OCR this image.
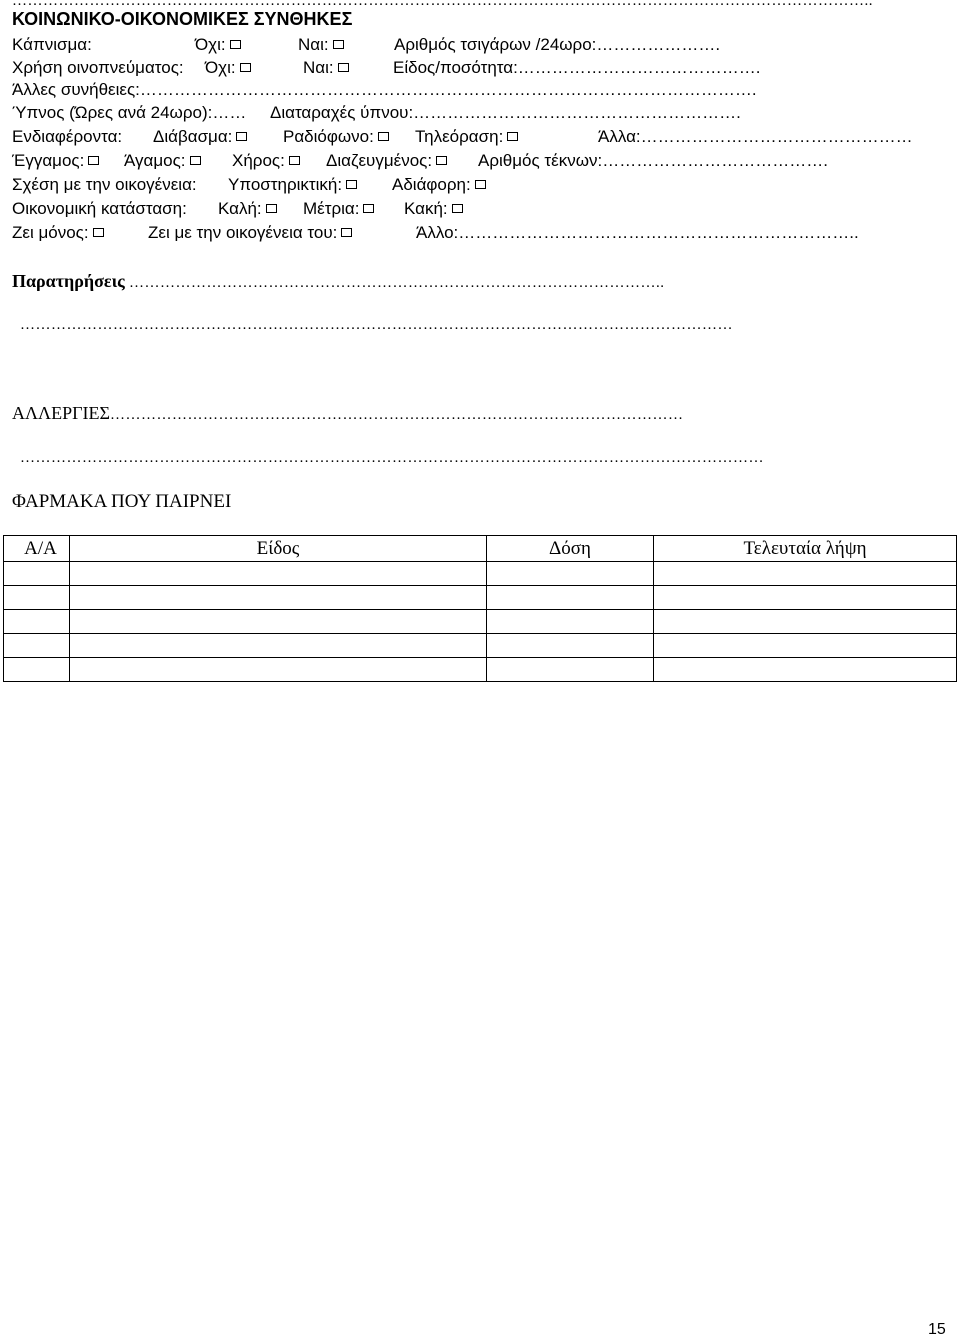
…………………………………………………………………………………………………………………………………………………..
ΚΟΙΝΩΝΙΚΟ-ΟΙΚΟΝΟΜΙΚΕΣ ΣΥΝΘΗΚΕΣ
Κάπνισμα:	Όχι:	Ναι:	Αριθμός τσιγάρων /24ωρο:………………….
Χρήση οινοπνεύματος: Όχι:	Ναι:	Είδος/ποσότητα:…………………………………….
Άλλες συνήθειες:……………………………………………………………………………………………….
Ύπνος (Ώρες ανά 24ωρο):…… Διαταραχές ύπνου:………………………………………………….
Ενδιαφέροντα: Διάβασμα:	Ραδιόφωνο:	Τηλεόραση:	Άλλα:…………………………………………
Έγγαμος:	Άγαμος:	Χήρος:	Διαζευγμένος:	Αριθμός τέκνων:………………………………….
Σχέση με την οικογένεια: Υποστηρικτική:	Αδιάφορη:
Οικονομική κατάσταση: Καλή:	Μέτρια:	Κακή:
Ζει μόνος:	Ζει με την οικογένεια του:	Άλλο:……………………………………………………………..
Παρατηρήσεις …………………………………………………………………………………………..
…………………………………………………………………………………………………………………………
ΑΛΛΕΡΓΙΕΣ…………………………………………………………………………………………………
………………………………………………………………………………………………………………………………
ΦΑΡΜΑΚΑ ΠΟΥ ΠΑΙΡΝΕΙ
Α/Α	Είδος	Δόση	Τελευταία λήψη

15
